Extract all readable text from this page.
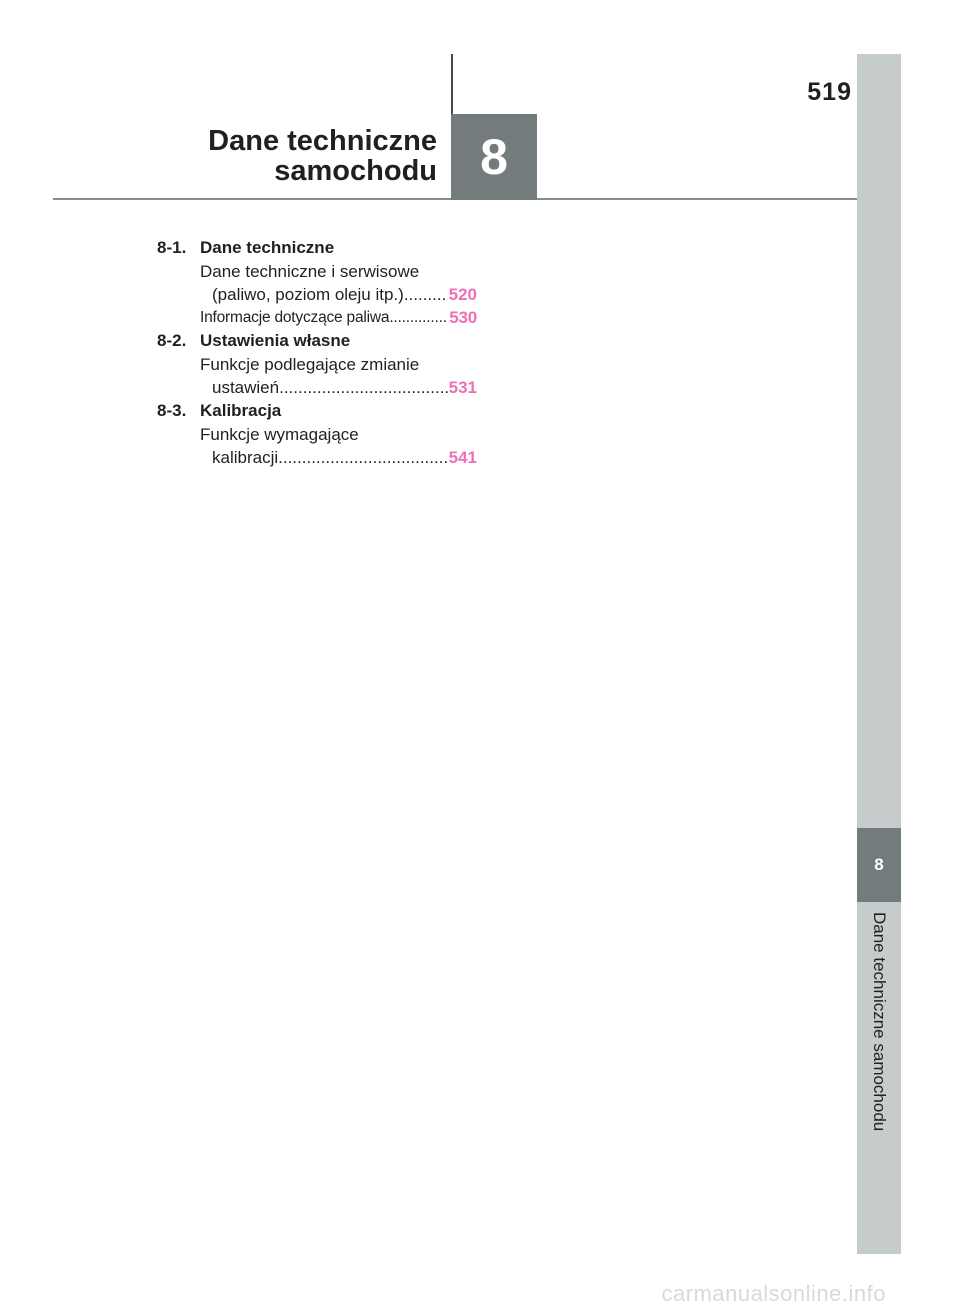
519
Dane techniczne
samochodu 8
8
Dane techniczne samochodu
8-1. Dane techniczne
Dane techniczne i serwisowe
(paliwo, poziom oleju itp.) .....	520
Informacje dotyczące paliwa .....	530
8-2. Ustawienia własne
Funkcje podlegające zmianie
ustawień .....	531
8-3. Kalibracja
Funkcje wymagające
kalibracji .....	541
carmanualsonline.info
